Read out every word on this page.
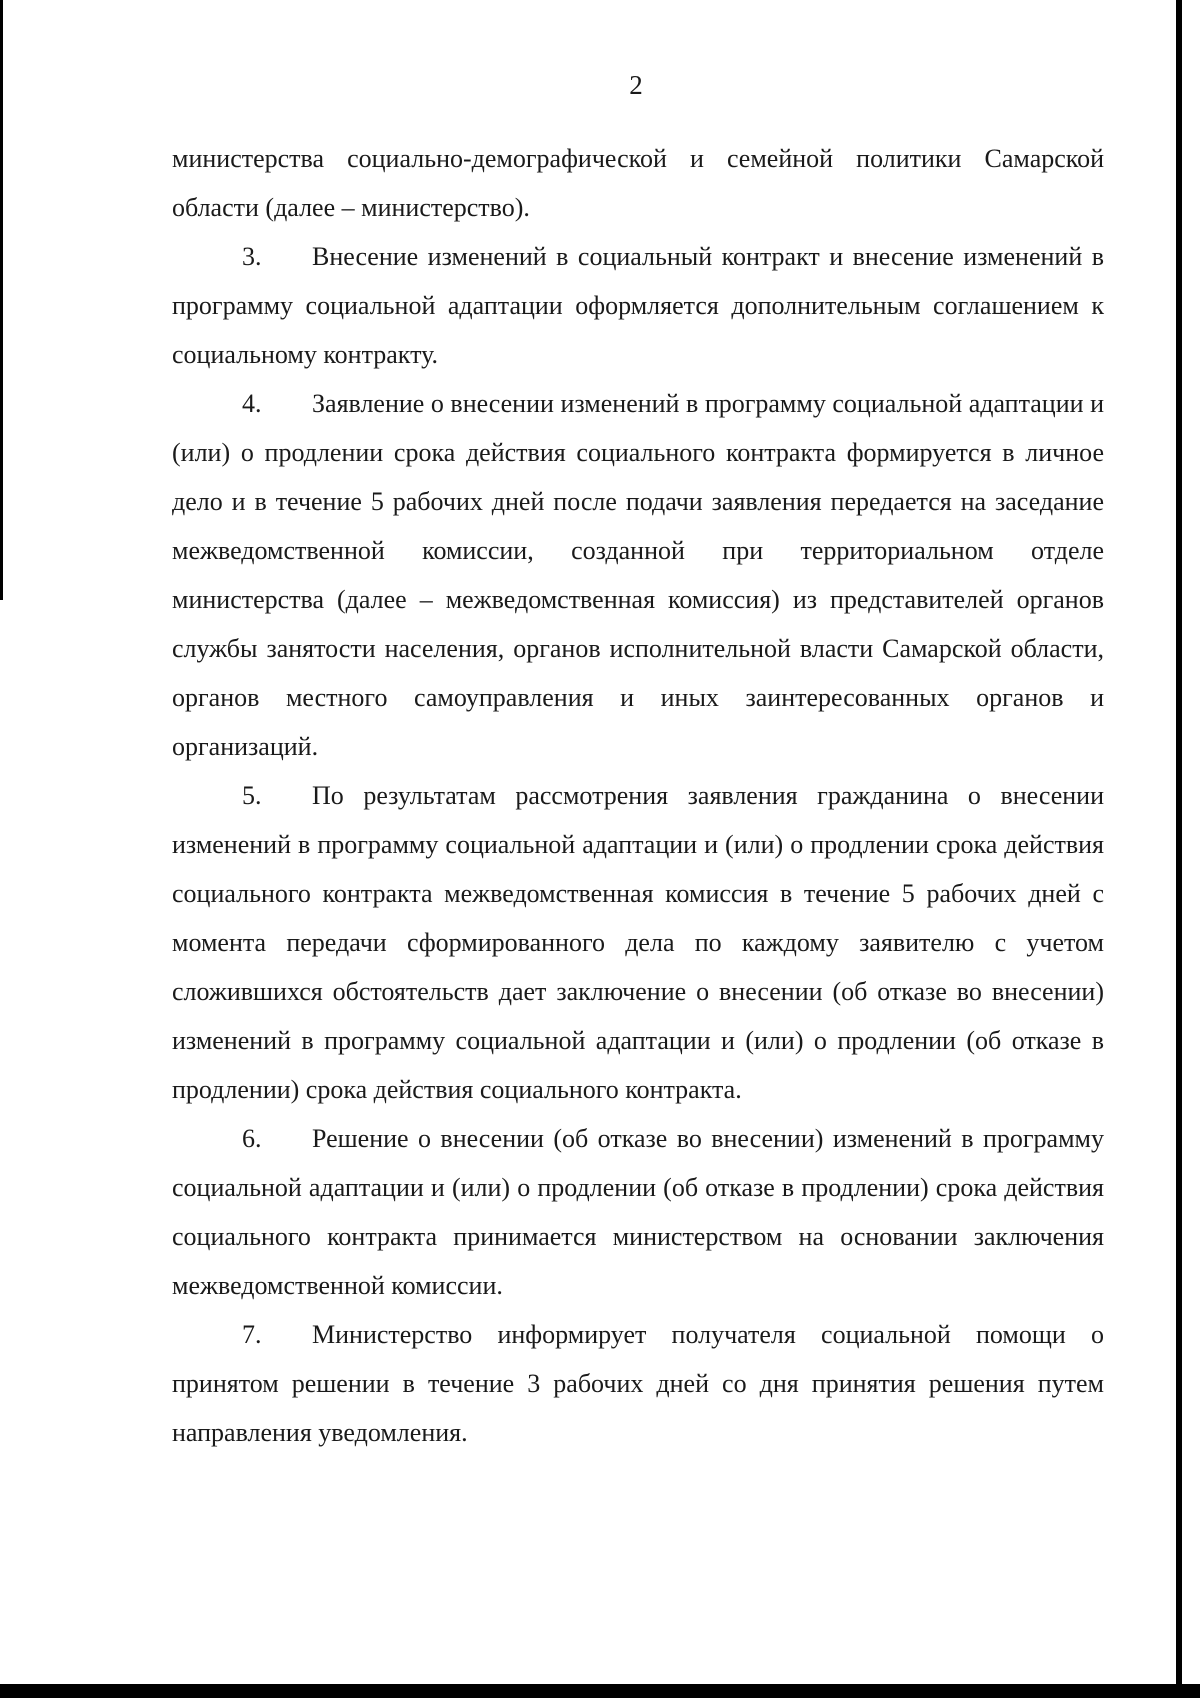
2

министерства социально-демографической и семейной политики Самарской области (далее – министерство).

3. Внесение изменений в социальный контракт и внесение изменений в программу социальной адаптации оформляется дополнительным соглашением к социальному контракту.

4. Заявление о внесении изменений в программу социальной адаптации и (или) о продлении срока действия социального контракта формируется в личное дело и в течение 5 рабочих дней после подачи заявления передается на заседание межведомственной комиссии, созданной при территориальном отделе министерства (далее – межведомственная комиссия) из представителей органов службы занятости населения, органов исполнительной власти Самарской области, органов местного самоуправления и иных заинтересованных органов и организаций.

5. По результатам рассмотрения заявления гражданина о внесении изменений в программу социальной адаптации и (или) о продлении срока действия социального контракта межведомственная комиссия в течение 5 рабочих дней с момента передачи сформированного дела по каждому заявителю с учетом сложившихся обстоятельств дает заключение о внесении (об отказе во внесении) изменений в программу социальной адаптации и (или) о продлении (об отказе в продлении) срока действия социального контракта.

6. Решение о внесении (об отказе во внесении) изменений в программу социальной адаптации и (или) о продлении (об отказе в продлении) срока действия социального контракта принимается министерством на основании заключения межведомственной комиссии.

7. Министерство информирует получателя социальной помощи о принятом решении в течение 3 рабочих дней со дня принятия решения путем направления уведомления.
